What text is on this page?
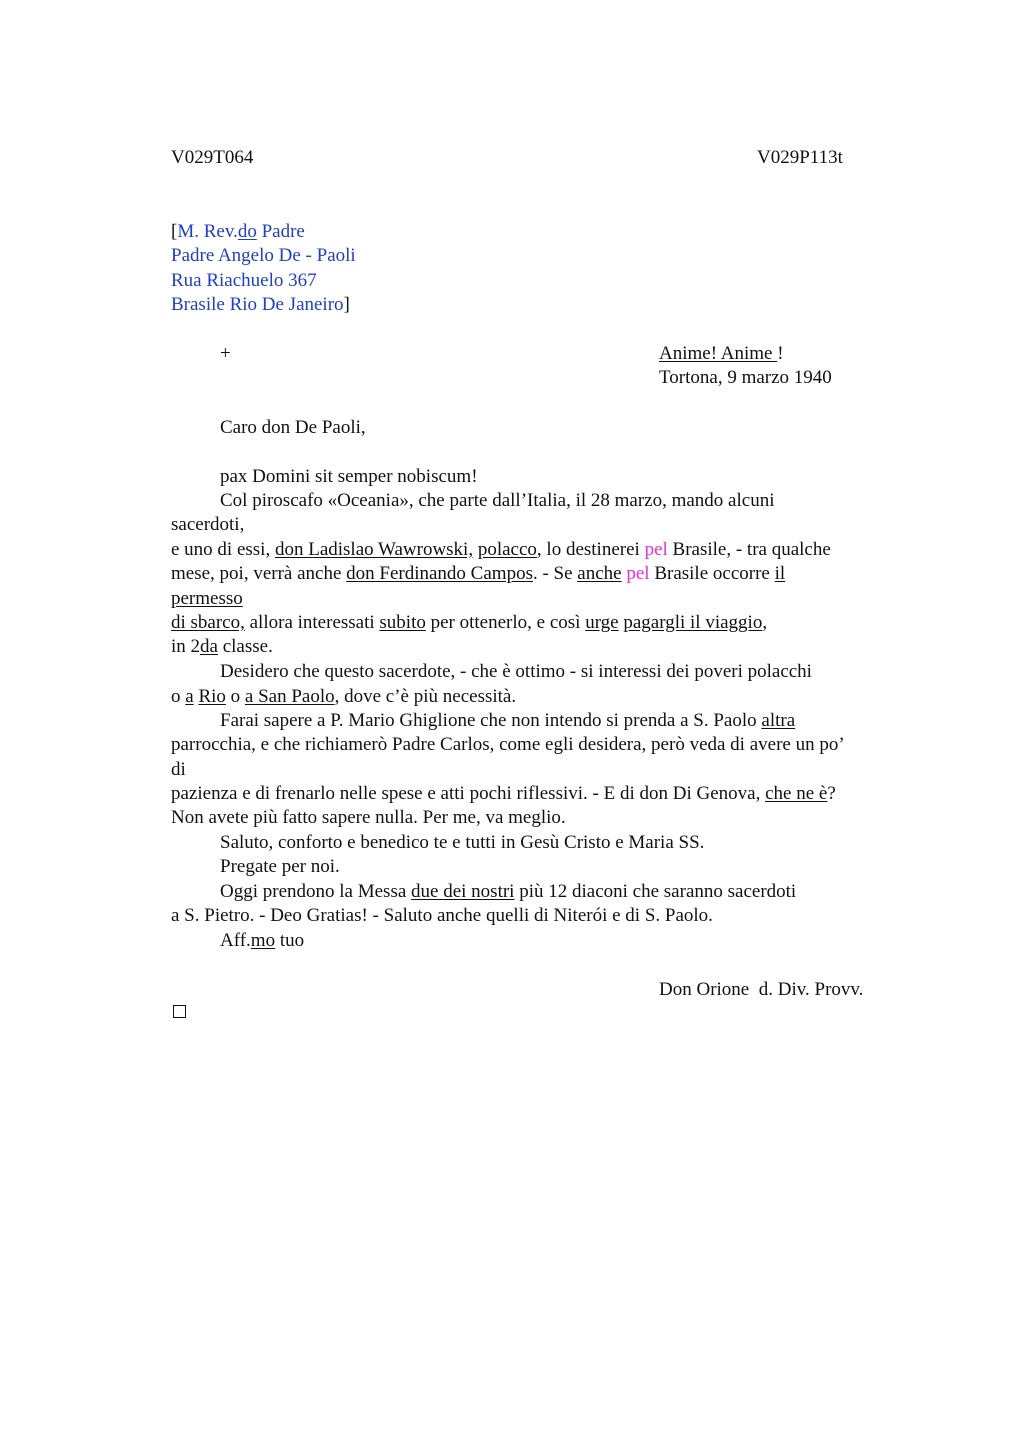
V029T064	V029P113t
[M. Rev.do Padre
Padre Angelo De - Paoli
Rua Riachuelo 367
Brasile Rio De Janeiro]
+	Anime! Anime !
Tortona, 9 marzo 1940
Caro don De Paoli,
pax Domini sit semper nobiscum!
Col piroscafo «Oceania», che parte dall’Italia, il 28 marzo, mando alcuni
sacerdoti,
e uno di essi, don Ladislao Wawrowski, polacco, lo destinerei pel Brasile, - tra qualche
mese, poi, verrà anche don Ferdinando Campos. - Se anche pel Brasile occorre il
permesso
di sbarco, allora interessati subito per ottenerlo, e così urge pagargli il viaggio,
in 2da classe.
Desidero che questo sacerdote, - che è ottimo - si interessi dei poveri polacchi
o a Rio o a San Paolo, dove c’è più necessità.
Farai sapere a P. Mario Ghiglione che non intendo si prenda a S. Paolo altra
parrocchia, e che richiamerò Padre Carlos, come egli desidera, però veda di avere un po’
di
pazienza e di frenarlo nelle spese e atti pochi riflessivi. - E di don Di Genova, che ne è?
Non avete più fatto sapere nulla. Per me, va meglio.
Saluto, conforto e benedico te e tutti in Gesù Cristo e Maria SS.
Pregate per noi.
Oggi prendono la Messa due dei nostri più 12 diaconi che saranno sacerdoti
a S. Pietro. - Deo Gratias! - Saluto anche quelli di Niterói e di S. Paolo.
Aff.mo tuo
Don Orione  d. Div. Provv.
